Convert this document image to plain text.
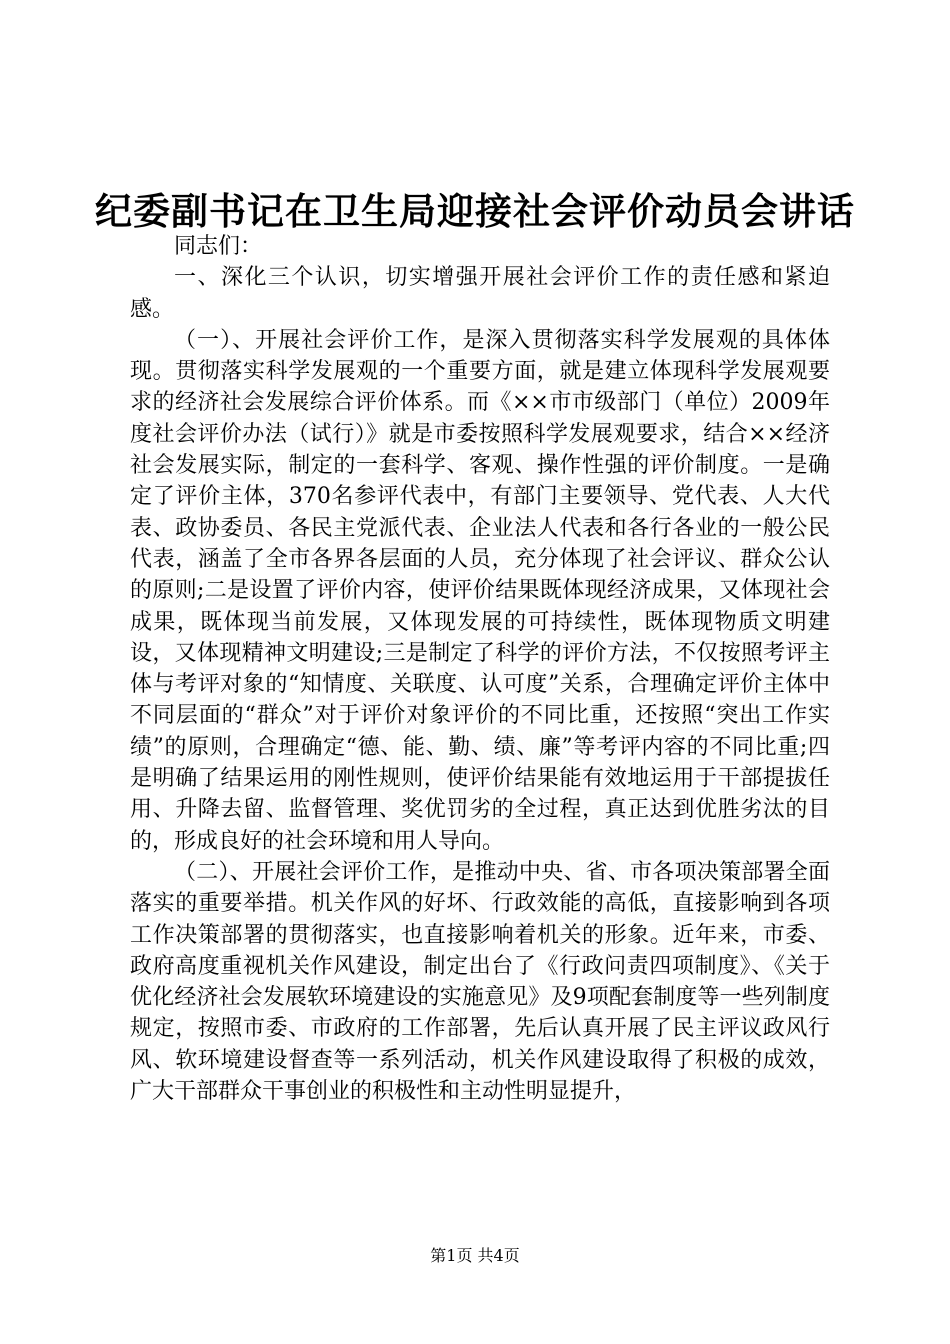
纪委副书记在卫生局迎接社会评价动员会讲话

同志们：

一、深化三个认识，切实增强开展社会评价工作的责任感和紧迫感。

（一）、开展社会评价工作，是深入贯彻落实科学发展观的具体体现。贯彻落实科学发展观的一个重要方面，就是建立体现科学发展观要求的经济社会发展综合评价体系。而《××市市级部门（单位）2009年度社会评价办法（试行）》就是市委按照科学发展观要求，结合××经济社会发展实际，制定的一套科学、客观、操作性强的评价制度。一是确定了评价主体，370名参评代表中，有部门主要领导、党代表、人大代表、政协委员、各民主党派代表、企业法人代表和各行各业的一般公民代表，涵盖了全市各界各层面的人员，充分体现了社会评议、群众公认的原则;二是设置了评价内容，使评价结果既体现经济成果，又体现社会成果，既体现当前发展，又体现发展的可持续性，既体现物质文明建设，又体现精神文明建设;三是制定了科学的评价方法，不仅按照考评主体与考评对象的“知情度、关联度、认可度”关系，合理确定评价主体中不同层面的“群众”对于评价对象评价的不同比重，还按照“突出工作实绩”的原则，合理确定“德、能、勤、绩、廉”等考评内容的不同比重;四是明确了结果运用的刚性规则，使评价结果能有效地运用于干部提拔任用、升降去留、监督管理、奖优罚劣的全过程，真正达到优胜劣汰的目的，形成良好的社会环境和用人导向。

（二）、开展社会评价工作，是推动中央、省、市各项决策部署全面落实的重要举措。机关作风的好坏、行政效能的高低，直接影响到各项工作决策部署的贯彻落实，也直接影响着机关的形象。近年来，市委、政府高度重视机关作风建设，制定出台了《行政问责四项制度》、《关于优化经济社会发展软环境建设的实施意见》及9项配套制度等一些列制度规定，按照市委、市政府的工作部署，先后认真开展了民主评议政风行风、软环境建设督查等一系列活动，机关作风建设取得了积极的成效，广大干部群众干事创业的积极性和主动性明显提升，

第1页 共4页
